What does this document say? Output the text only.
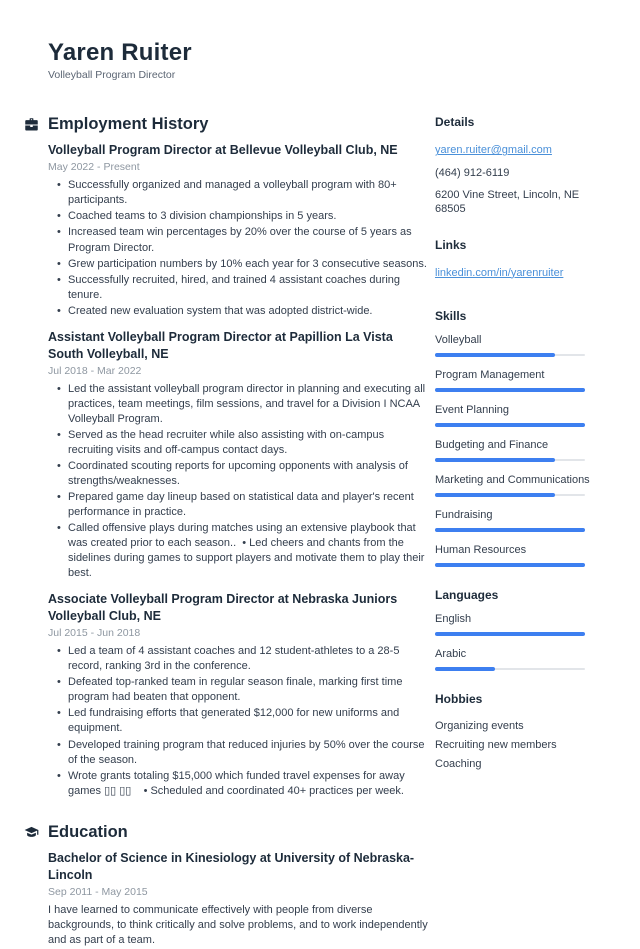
Yaren Ruiter
Volleyball Program Director
Employment History
Volleyball Program Director at Bellevue Volleyball Club, NE
May 2022 - Present
• Successfully organized and managed a volleyball program with 80+ participants.
• Coached teams to 3 division championships in 5 years.
• Increased team win percentages by 20% over the course of 5 years as Program Director.
• Grew participation numbers by 10% each year for 3 consecutive seasons.
• Successfully recruited, hired, and trained 4 assistant coaches during tenure.
• Created new evaluation system that was adopted district-wide.
Assistant Volleyball Program Director at Papillion La Vista South Volleyball, NE
Jul 2018 - Mar 2022
• Led the assistant volleyball program director in planning and executing all practices, team meetings, film sessions, and travel for a Division I NCAA Volleyball Program.
• Served as the head recruiter while also assisting with on-campus recruiting visits and off-campus contact days.
• Coordinated scouting reports for upcoming opponents with analysis of strengths/weaknesses.
• Prepared game day lineup based on statistical data and player's recent performance in practice.
• Called offensive plays during matches using an extensive playbook that was created prior to each season..  • Led cheers and chants from the sidelines during games to support players and motivate them to play their best.
Associate Volleyball Program Director at Nebraska Juniors Volleyball Club, NE
Jul 2015 - Jun 2018
• Led a team of 4 assistant coaches and 12 student-athletes to a 28-5 record, ranking 3rd in the conference.
• Defeated top-ranked team in regular season finale, marking first time program had beaten that opponent.
• Led fundraising efforts that generated $12,000 for new uniforms and equipment.
• Developed training program that reduced injuries by 50% over the course of the season.
• Wrote grants totaling $15,000 which funded travel expenses for away games ▯▯ ▯▯    • Scheduled and coordinated 40+ practices per week.
Education
Bachelor of Science in Kinesiology at University of Nebraska-Lincoln
Sep 2011 - May 2015

I have learned to communicate effectively with people from diverse backgrounds, to think critically and solve problems, and to work independently and as part of a team.

Details
yaren.ruiter@gmail.com
(464) 912-6119
6200 Vine Street, Lincoln, NE 68505
Links
linkedin.com/in/yarenruiter
Skills
Volleyball
Program Management
Event Planning
Budgeting and Finance
Marketing and Communications
Fundraising
Human Resources
Languages
English
Arabic
Hobbies
Organizing events
Recruiting new members
Coaching
